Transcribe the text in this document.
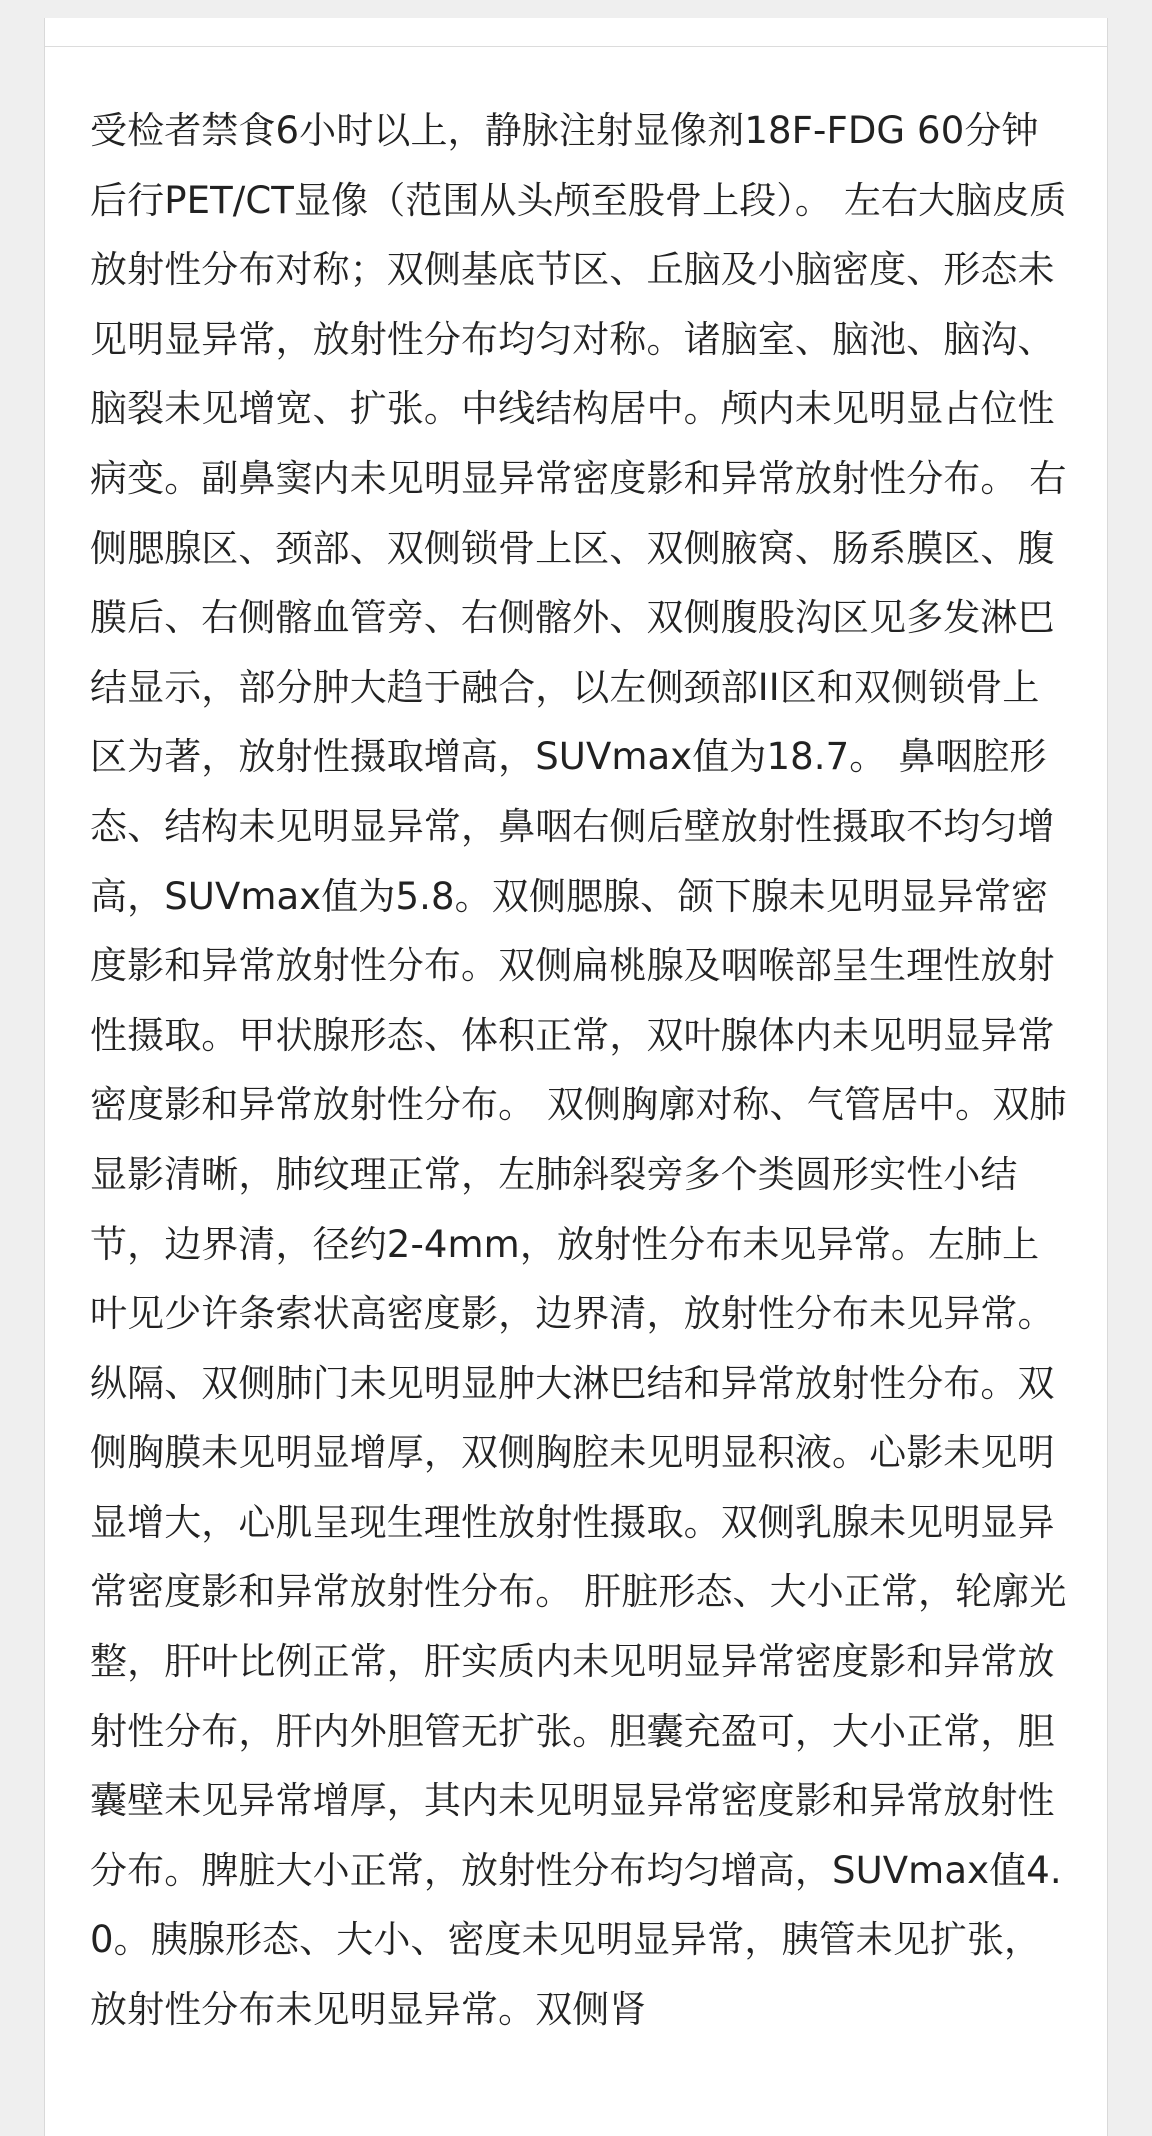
受检者禁食6小时以上，静脉注射显像剂18F-FDG 60分钟后行PET/CT显像（范围从头颅至股骨上段）。 左右大脑皮质放射性分布对称；双侧基底节区、丘脑及小脑密度、形态未见明显异常，放射性分布均匀对称。诸脑室、脑池、脑沟、脑裂未见增宽、扩张。中线结构居中。颅内未见明显占位性病变。副鼻窦内未见明显异常密度影和异常放射性分布。 右侧腮腺区、颈部、双侧锁骨上区、双侧腋窝、肠系膜区、腹膜后、右侧髂血管旁、右侧髂外、双侧腹股沟区见多发淋巴结显示，部分肿大趋于融合，以左侧颈部II区和双侧锁骨上区为著，放射性摄取增高，SUVmax值为18.7。 鼻咽腔形态、结构未见明显异常，鼻咽右侧后壁放射性摄取不均匀增高，SUVmax值为5.8。双侧腮腺、颌下腺未见明显异常密度影和异常放射性分布。双侧扁桃腺及咽喉部呈生理性放射性摄取。甲状腺形态、体积正常，双叶腺体内未见明显异常密度影和异常放射性分布。 双侧胸廓对称、气管居中。双肺显影清晰，肺纹理正常，左肺斜裂旁多个类圆形实性小结节，边界清，径约2-4mm，放射性分布未见异常。左肺上叶见少许条索状高密度影，边界清，放射性分布未见异常。纵隔、双侧肺门未见明显肿大淋巴结和异常放射性分布。双侧胸膜未见明显增厚，双侧胸腔未见明显积液。心影未见明显增大，心肌呈现生理性放射性摄取。双侧乳腺未见明显异常密度影和异常放射性分布。 肝脏形态、大小正常，轮廓光整，肝叶比例正常，肝实质内未见明显异常密度影和异常放射性分布，肝内外胆管无扩张。胆囊充盈可，大小正常，胆囊壁未见异常增厚，其内未见明显异常密度影和异常放射性分布。脾脏大小正常，放射性分布均匀增高，SUVmax值4.0。胰腺形态、大小、密度未见明显异常，胰管未见扩张，放射性分布未见明显异常。双侧肾
